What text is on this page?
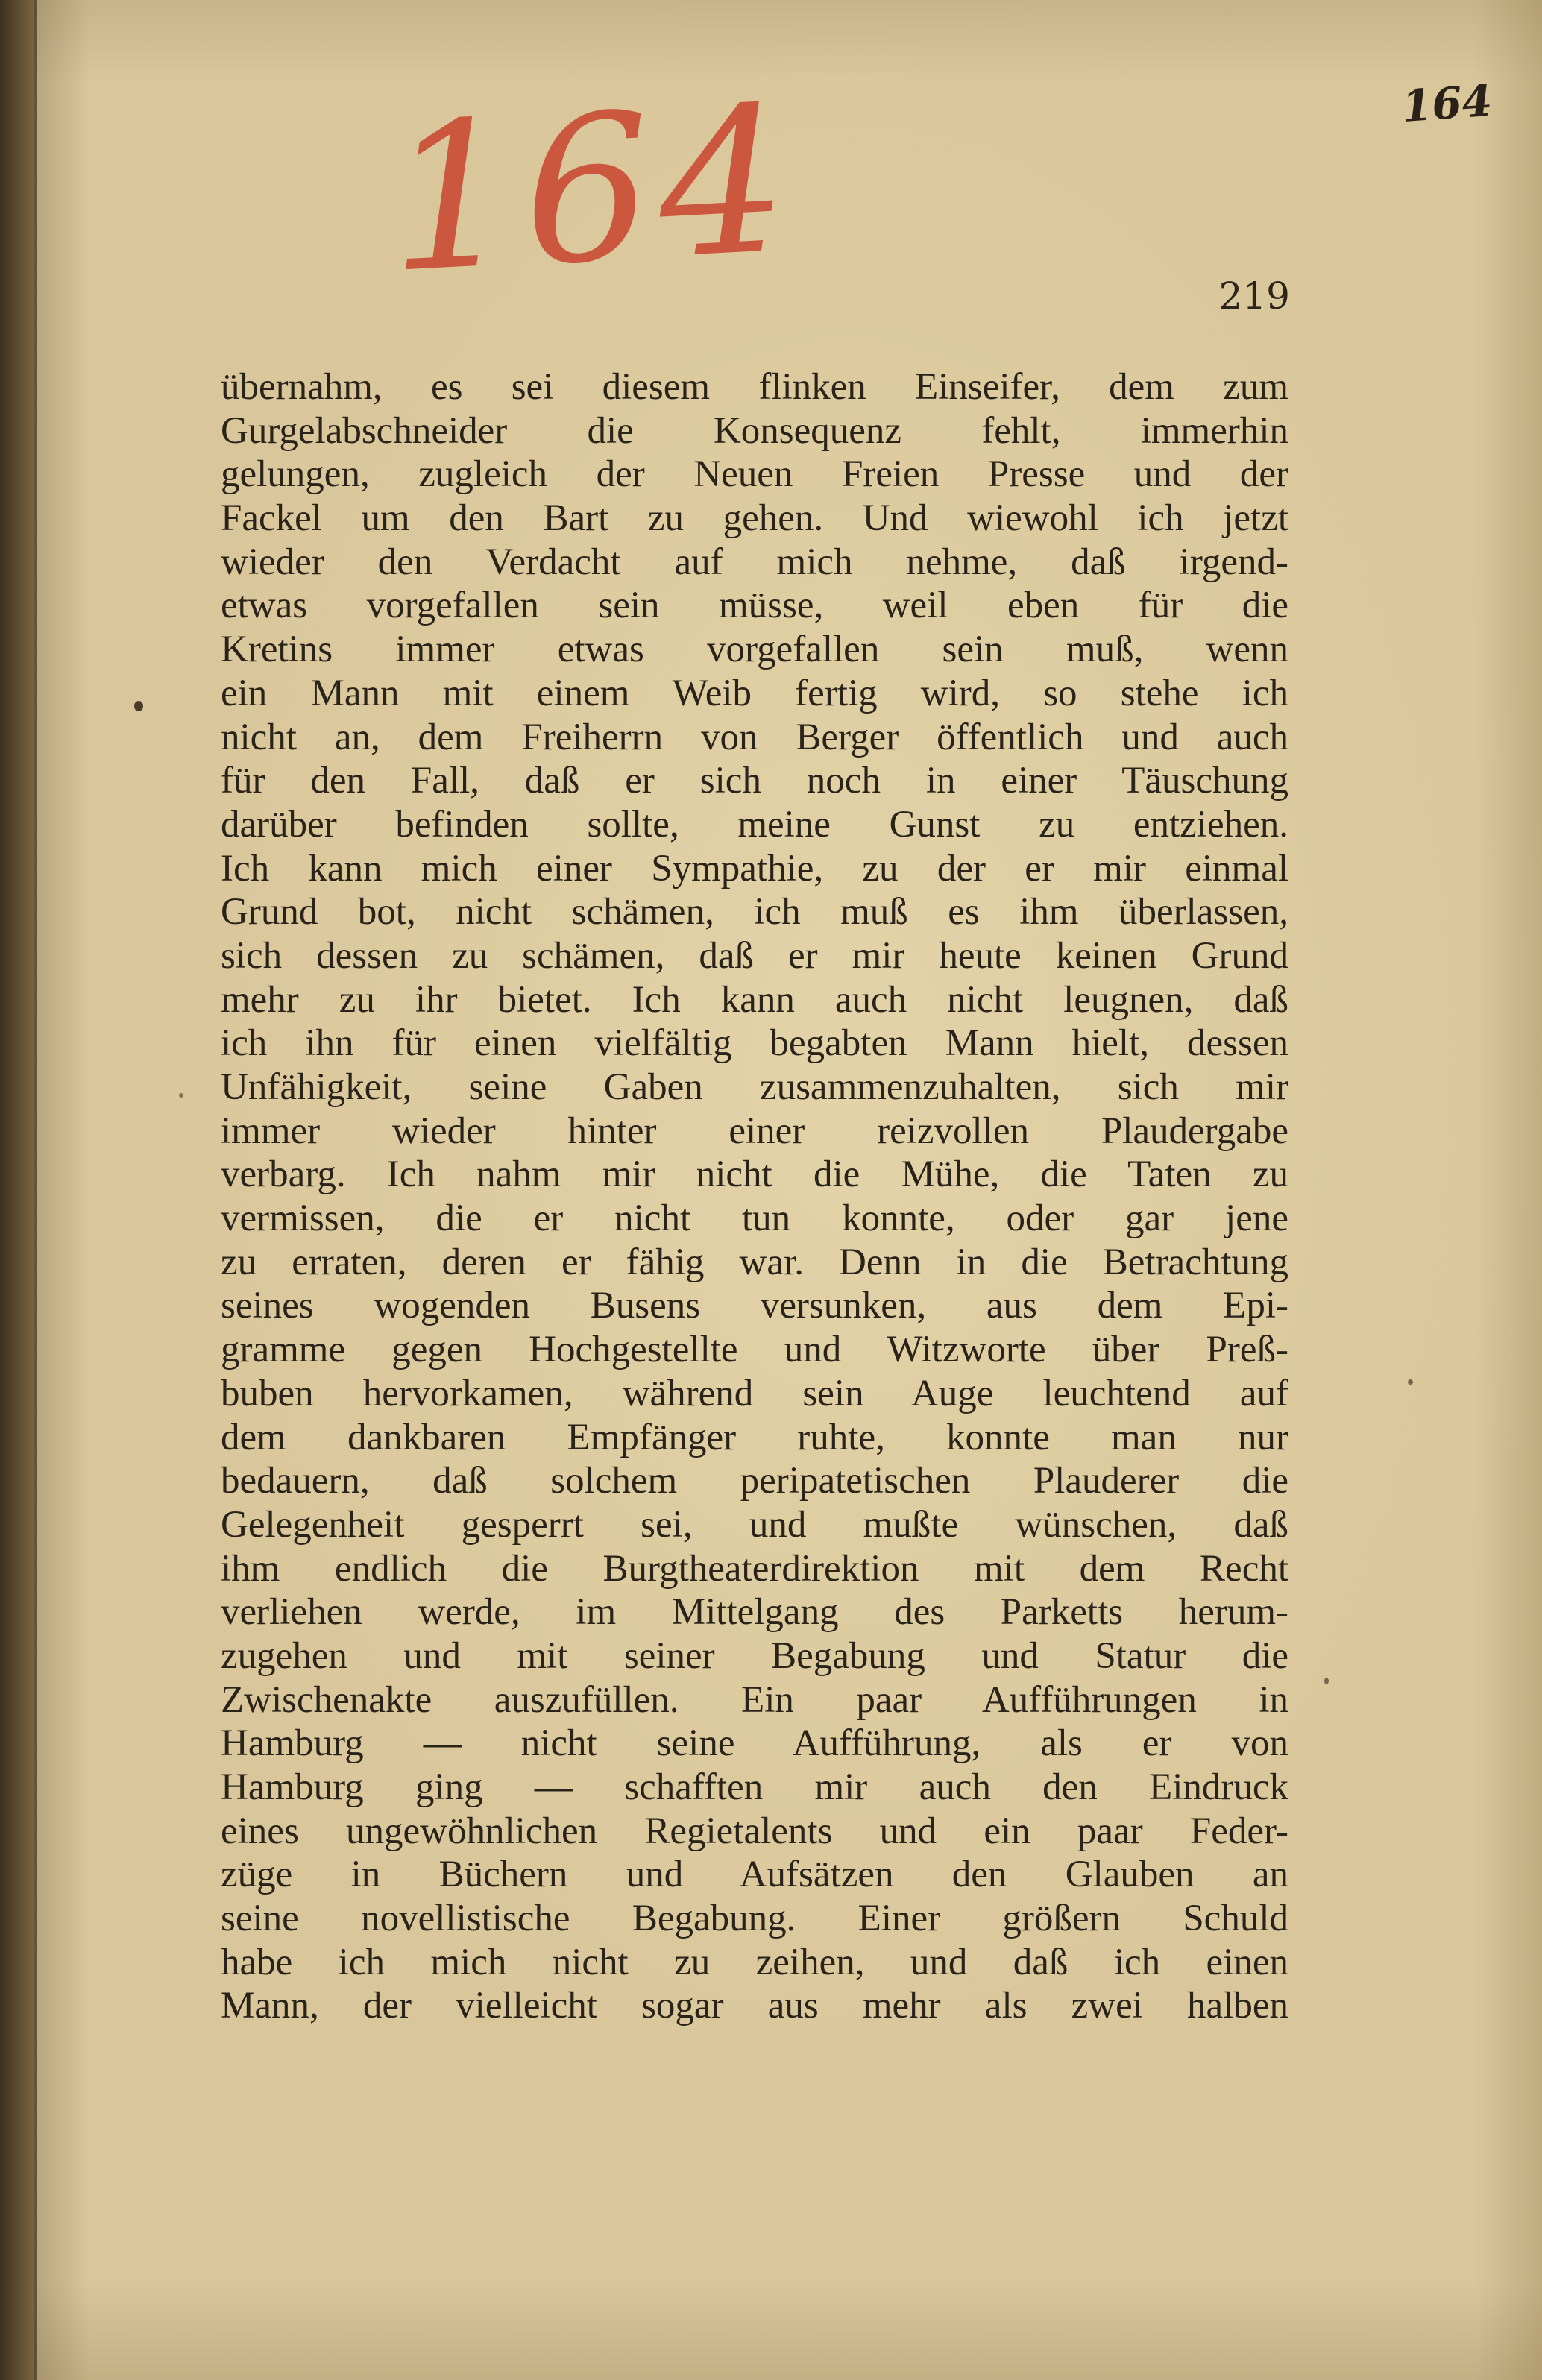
164	164
219
übernahm, es sei diesem flinken Einseifer, dem zum
Gurgelabschneider die Konsequenz fehlt, immerhin
gelungen, zugleich der Neuen Freien Presse und der
Fackel um den Bart zu gehen. Und wiewohl ich jetzt
wieder den Verdacht auf mich nehme, daß irgend-
etwas vorgefallen sein müsse, weil eben für die
Kretins immer etwas vorgefallen sein muß, wenn
ein Mann mit einem Weib fertig wird, so stehe ich
nicht an, dem Freiherrn von Berger öffentlich und auch
für den Fall, daß er sich noch in einer Täuschung
darüber befinden sollte, meine Gunst zu entziehen.
Ich kann mich einer Sympathie, zu der er mir einmal
Grund bot, nicht schämen, ich muß es ihm überlassen,
sich dessen zu schämen, daß er mir heute keinen Grund
mehr zu ihr bietet. Ich kann auch nicht leugnen, daß
ich ihn für einen vielfältig begabten Mann hielt, dessen
Unfähigkeit, seine Gaben zusammenzuhalten, sich mir
immer wieder hinter einer reizvollen Plaudergabe
verbarg. Ich nahm mir nicht die Mühe, die Taten zu
vermissen, die er nicht tun konnte, oder gar jene
zu erraten, deren er fähig war. Denn in die Betrachtung
seines wogenden Busens versunken, aus dem Epi-
gramme gegen Hochgestellte und Witzworte über Preß-
buben hervorkamen, während sein Auge leuchtend auf
dem dankbaren Empfänger ruhte, konnte man nur
bedauern, daß solchem peripatetischen Plauderer die
Gelegenheit gesperrt sei, und mußte wünschen, daß
ihm endlich die Burgtheaterdirektion mit dem Recht
verliehen werde, im Mittelgang des Parketts herum-
zugehen und mit seiner Begabung und Statur die
Zwischenakte auszufüllen. Ein paar Aufführungen in
Hamburg — nicht seine Aufführung, als er von
Hamburg ging — schafften mir auch den Eindruck
eines ungewöhnlichen Regietalents und ein paar Feder-
züge in Büchern und Aufsätzen den Glauben an
seine novellistische Begabung. Einer größern Schuld
habe ich mich nicht zu zeihen, und daß ich einen
Mann, der vielleicht sogar aus mehr als zwei halben
